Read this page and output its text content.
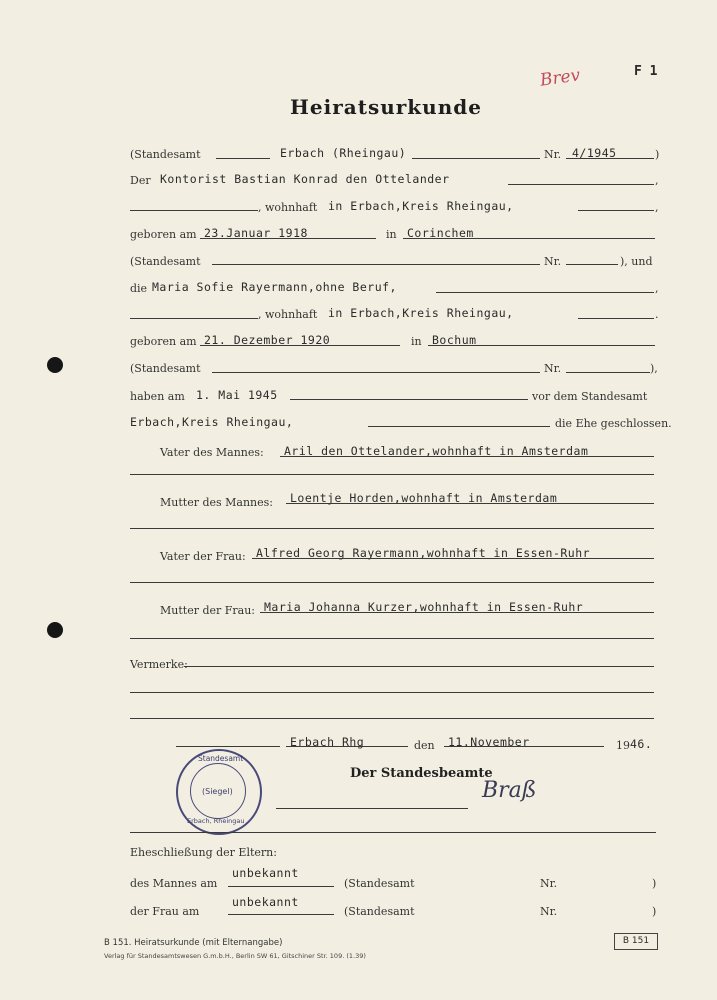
Brev	F 1
Heiratsurkunde
(Standesamt	Erbach (Rheingau)	Nr. 4/1945	)
Der Kontorist Bastian Konrad den Ottelander	,
, wohnhaft in Erbach,Kreis Rheingau,	,
geboren am 23.Januar 1918	in Corinchem
(Standesamt	Nr.	), und
die Maria Sofie Rayermann,ohne Beruf,	,
, wohnhaft in Erbach,Kreis Rheingau,	.
geboren am 21. Dezember 1920	in Bochum
(Standesamt	Nr.	),
haben am 1. Mai 1945	vor dem Standesamt
Erbach,Kreis Rheingau,	die Ehe geschlossen.
Vater des Mannes: Aril den Ottelander,wohnhaft in Amsterdam
Mutter des Mannes: Loentje Horden,wohnhaft in Amsterdam
Vater der Frau: Alfred Georg Rayermann,wohnhaft in Essen-Ruhr
Mutter der Frau: Maria Johanna Kurzer,wohnhaft in Essen-Ruhr
Vermerke:
Erbach Rhg	den 11.November	19 46.
Der Standesbeamte
Braß
Standesamt
(Siegel)
Erbach, Rheingau
Eheschließung der Eltern:
des Mannes am
unbekannt
(Standesamt	Nr.	)
der Frau am
unbekannt
(Standesamt	Nr.	)
B 151. Heiratsurkunde (mit Elternangabe)
Verlag für Standesamtswesen G.m.b.H., Berlin SW 61, Gitschiner Str. 109. (1.39)
B 151
